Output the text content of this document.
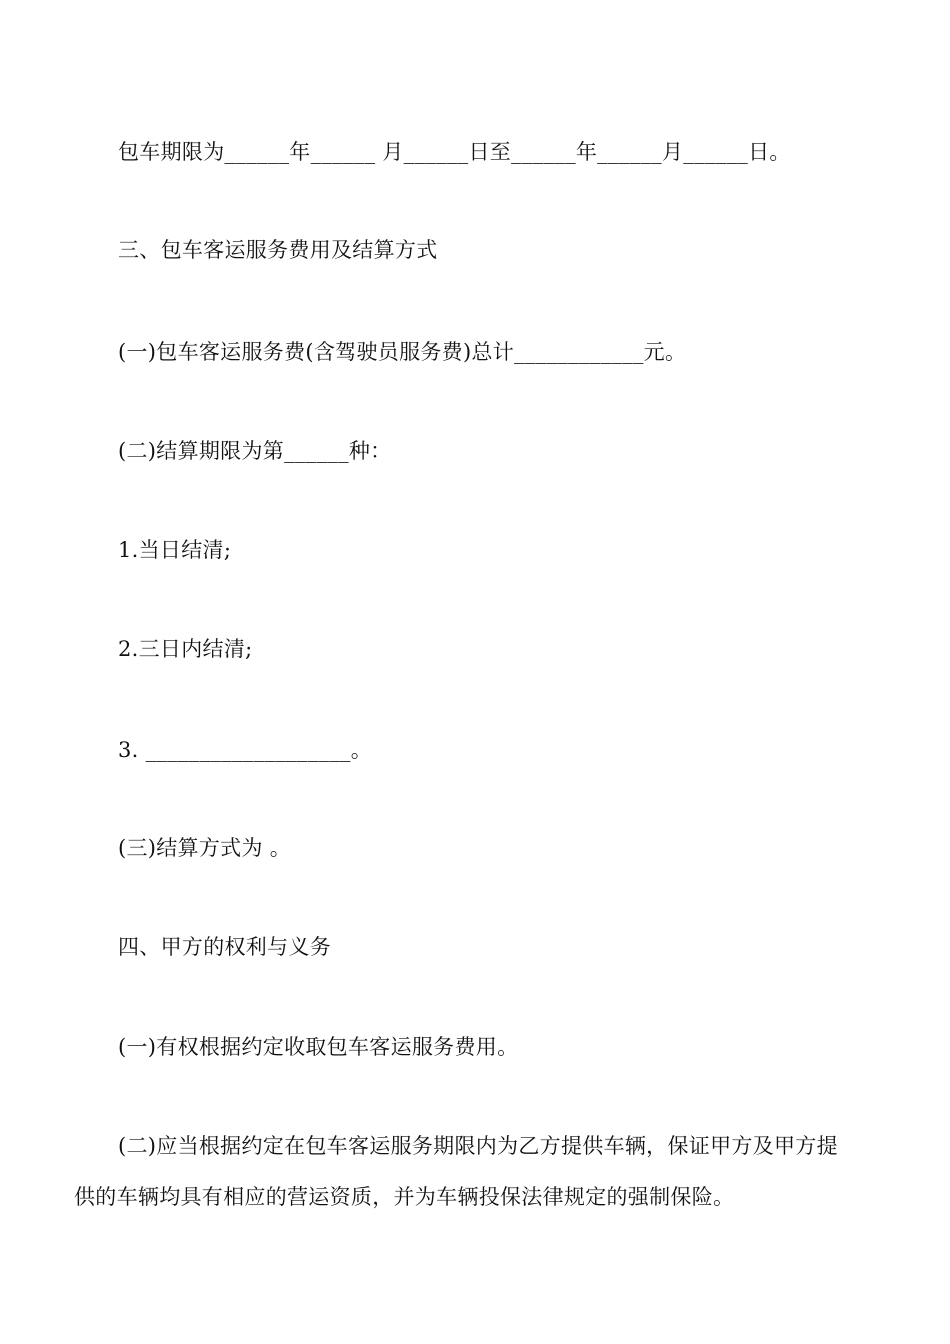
包车期限为______年______ 月______日至______年______月______日。
三、包车客运服务费用及结算方式
(一)包车客运服务费(含驾驶员服务费)总计____________元。
(二)结算期限为第______种：
1.当日结清;
2.三日内结清;
3. ___________________。
(三)结算方式为 。
四、甲方的权利与义务
(一)有权根据约定收取包车客运服务费用。
(二)应当根据约定在包车客运服务期限内为乙方提供车辆，保证甲方及甲方提
供的车辆均具有相应的营运资质，并为车辆投保法律规定的强制保险。
